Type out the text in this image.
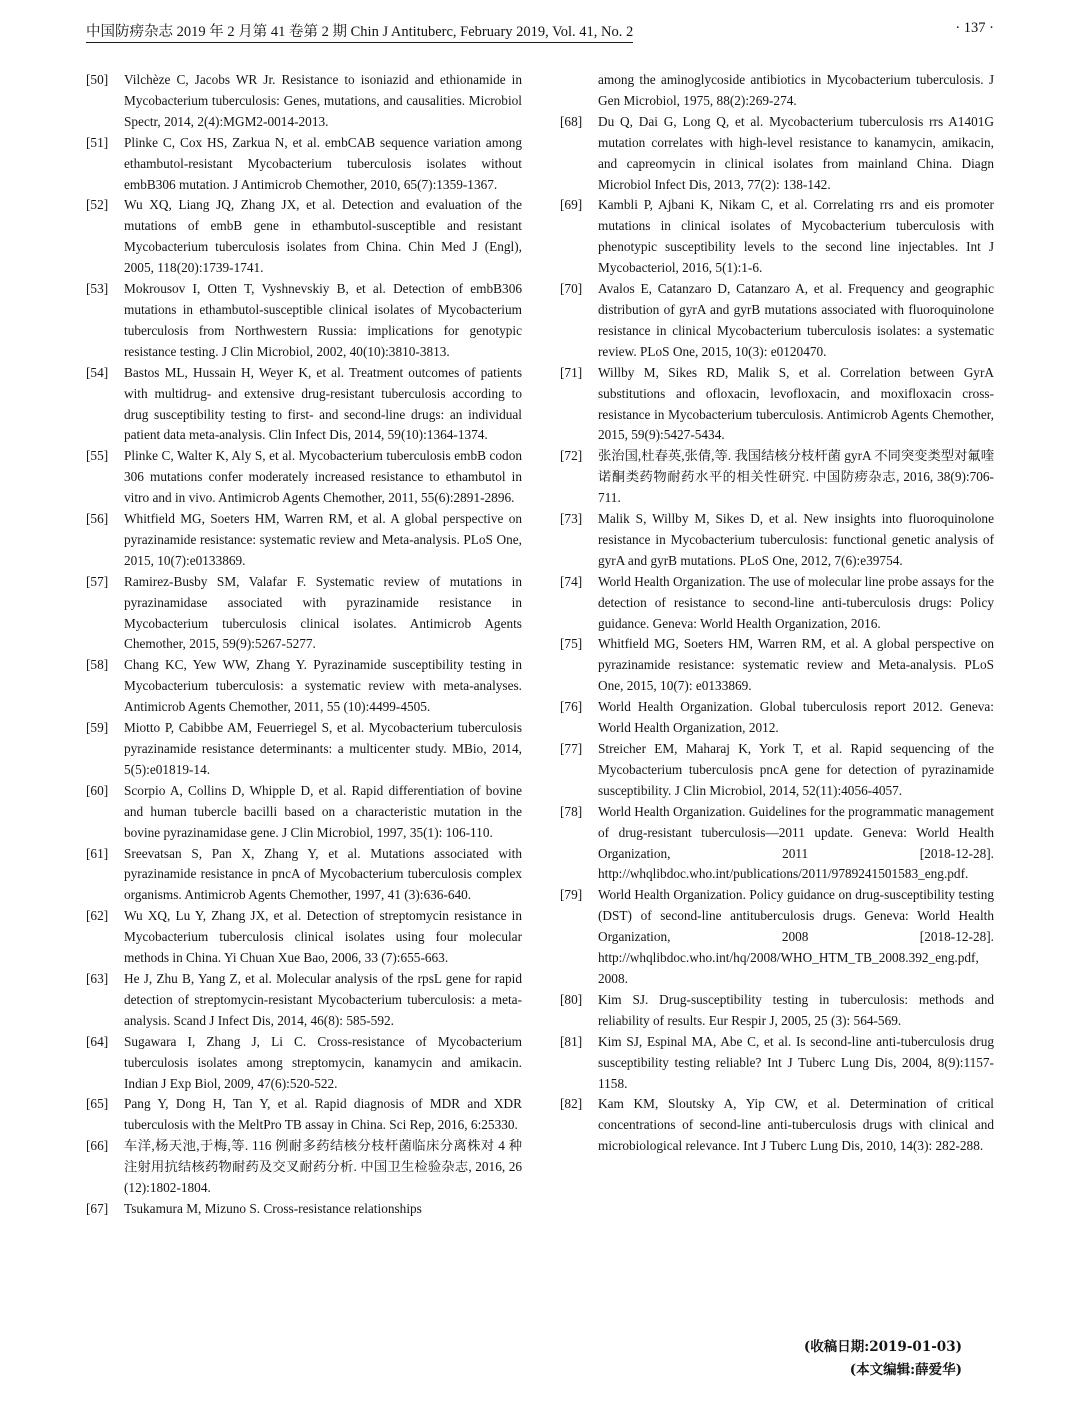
中国防痨杂志 2019 年 2 月第 41 卷第 2 期 Chin J Antituberc, February 2019, Vol. 41, No. 2	· 137 ·

[50] Vilchèze C, Jacobs WR Jr. Resistance to isoniazid and ethionamide in Mycobacterium tuberculosis: Genes, mutations, and causalities. Microbiol Spectr, 2014, 2(4):MGM2-0014-2013.

[51] Plinke C, Cox HS, Zarkua N, et al. embCAB sequence variation among ethambutol-resistant Mycobacterium tuberculosis isolates without embB306 mutation. J Antimicrob Chemother, 2010, 65(7):1359-1367.

[52] Wu XQ, Liang JQ, Zhang JX, et al. Detection and evaluation of the mutations of embB gene in ethambutol-susceptible and resistant Mycobacterium tuberculosis isolates from China. Chin Med J (Engl), 2005, 118(20):1739-1741.

[53] Mokrousov I, Otten T, Vyshnevskiy B, et al. Detection of embB306 mutations in ethambutol-susceptible clinical isolates of Mycobacterium tuberculosis from Northwestern Russia: implications for genotypic resistance testing. J Clin Microbiol, 2002, 40(10):3810-3813.

[54] Bastos ML, Hussain H, Weyer K, et al. Treatment outcomes of patients with multidrug- and extensive drug-resistant tuberculosis according to drug susceptibility testing to first- and second-line drugs: an individual patient data meta-analysis. Clin Infect Dis, 2014, 59(10):1364-1374.

[55] Plinke C, Walter K, Aly S, et al. Mycobacterium tuberculosis embB codon 306 mutations confer moderately increased resistance to ethambutol in vitro and in vivo. Antimicrob Agents Chemother, 2011, 55(6):2891-2896.

[56] Whitfield MG, Soeters HM, Warren RM, et al. A global perspective on pyrazinamide resistance: systematic review and Meta-analysis. PLoS One, 2015, 10(7):e0133869.

[57] Ramirez-Busby SM, Valafar F. Systematic review of mutations in pyrazinamidase associated with pyrazinamide resistance in Mycobacterium tuberculosis clinical isolates. Antimicrob Agents Chemother, 2015, 59(9):5267-5277.

[58] Chang KC, Yew WW, Zhang Y. Pyrazinamide susceptibility testing in Mycobacterium tuberculosis: a systematic review with meta-analyses. Antimicrob Agents Chemother, 2011, 55 (10):4499-4505.

[59] Miotto P, Cabibbe AM, Feuerriegel S, et al. Mycobacterium tuberculosis pyrazinamide resistance determinants: a multicenter study. MBio, 2014, 5(5):e01819-14.

[60] Scorpio A, Collins D, Whipple D, et al. Rapid differentiation of bovine and human tubercle bacilli based on a characteristic mutation in the bovine pyrazinamidase gene. J Clin Microbiol, 1997, 35(1): 106-110.

[61] Sreevatsan S, Pan X, Zhang Y, et al. Mutations associated with pyrazinamide resistance in pncA of Mycobacterium tuberculosis complex organisms. Antimicrob Agents Chemother, 1997, 41 (3):636-640.

[62] Wu XQ, Lu Y, Zhang JX, et al. Detection of streptomycin resistance in Mycobacterium tuberculosis clinical isolates using four molecular methods in China. Yi Chuan Xue Bao, 2006, 33 (7):655-663.

[63] He J, Zhu B, Yang Z, et al. Molecular analysis of the rpsL gene for rapid detection of streptomycin-resistant Mycobacterium tuberculosis: a meta-analysis. Scand J Infect Dis, 2014, 46(8): 585-592.

[64] Sugawara I, Zhang J, Li C. Cross-resistance of Mycobacterium tuberculosis isolates among streptomycin, kanamycin and amikacin. Indian J Exp Biol, 2009, 47(6):520-522.

[65] Pang Y, Dong H, Tan Y, et al. Rapid diagnosis of MDR and XDR tuberculosis with the MeltPro TB assay in China. Sci Rep, 2016, 6:25330.

[66] 车洋,杨天池,于梅,等. 116 例耐多药结核分枝杆菌临床分离株对 4 种注射用抗结核药物耐药及交叉耐药分析. 中国卫生检验杂志, 2016, 26 (12):1802-1804.

[67] Tsukamura M, Mizuno S. Cross-resistance relationships

among the aminoglycoside antibiotics in Mycobacterium tuberculosis. J Gen Microbiol, 1975, 88(2):269-274.

[68] Du Q, Dai G, Long Q, et al. Mycobacterium tuberculosis rrs A1401G mutation correlates with high-level resistance to kanamycin, amikacin, and capreomycin in clinical isolates from mainland China. Diagn Microbiol Infect Dis, 2013, 77(2): 138-142.

[69] Kambli P, Ajbani K, Nikam C, et al. Correlating rrs and eis promoter mutations in clinical isolates of Mycobacterium tuberculosis with phenotypic susceptibility levels to the second line injectables. Int J Mycobacteriol, 2016, 5(1):1-6.

[70] Avalos E, Catanzaro D, Catanzaro A, et al. Frequency and geographic distribution of gyrA and gyrB mutations associated with fluoroquinolone resistance in clinical Mycobacterium tuberculosis isolates: a systematic review. PLoS One, 2015, 10(3): e0120470.

[71] Willby M, Sikes RD, Malik S, et al. Correlation between GyrA substitutions and ofloxacin, levofloxacin, and moxifloxacin cross-resistance in Mycobacterium tuberculosis. Antimicrob Agents Chemother, 2015, 59(9):5427-5434.

[72] 张治国,杜春英,张倩,等. 我国结核分枝杆菌 gyrA 不同突变类型对氟喹诺酮类药物耐药水平的相关性研究. 中国防痨杂志, 2016, 38(9):706-711.

[73] Malik S, Willby M, Sikes D, et al. New insights into fluoroquinolone resistance in Mycobacterium tuberculosis: functional genetic analysis of gyrA and gyrB mutations. PLoS One, 2012, 7(6):e39754.

[74] World Health Organization. The use of molecular line probe assays for the detection of resistance to second-line anti-tuberculosis drugs: Policy guidance. Geneva: World Health Organization, 2016.

[75] Whitfield MG, Soeters HM, Warren RM, et al. A global perspective on pyrazinamide resistance: systematic review and Meta-analysis. PLoS One, 2015, 10(7): e0133869.

[76] World Health Organization. Global tuberculosis report 2012. Geneva: World Health Organization, 2012.

[77] Streicher EM, Maharaj K, York T, et al. Rapid sequencing of the Mycobacterium tuberculosis pncA gene for detection of pyrazinamide susceptibility. J Clin Microbiol, 2014, 52(11):4056-4057.

[78] World Health Organization. Guidelines for the programmatic management of drug-resistant tuberculosis—2011 update. Geneva: World Health Organization, 2011 [2018-12-28]. http://whqlibdoc.who.int/publications/2011/9789241501583_eng.pdf.

[79] World Health Organization. Policy guidance on drug-susceptibility testing (DST) of second-line antituberculosis drugs. Geneva: World Health Organization, 2008 [2018-12-28]. http://whqlibdoc.who.int/hq/2008/WHO_HTM_TB_2008.392_eng.pdf, 2008.

[80] Kim SJ. Drug-susceptibility testing in tuberculosis: methods and reliability of results. Eur Respir J, 2005, 25 (3): 564-569.

[81] Kim SJ, Espinal MA, Abe C, et al. Is second-line anti-tuberculosis drug susceptibility testing reliable? Int J Tuberc Lung Dis, 2004, 8(9):1157-1158.

[82] Kam KM, Sloutsky A, Yip CW, et al. Determination of critical concentrations of second-line anti-tuberculosis drugs with clinical and microbiological relevance. Int J Tuberc Lung Dis, 2010, 14(3): 282-288.

(收稿日期:2019-01-03)
(本文编辑:薛爱华)
